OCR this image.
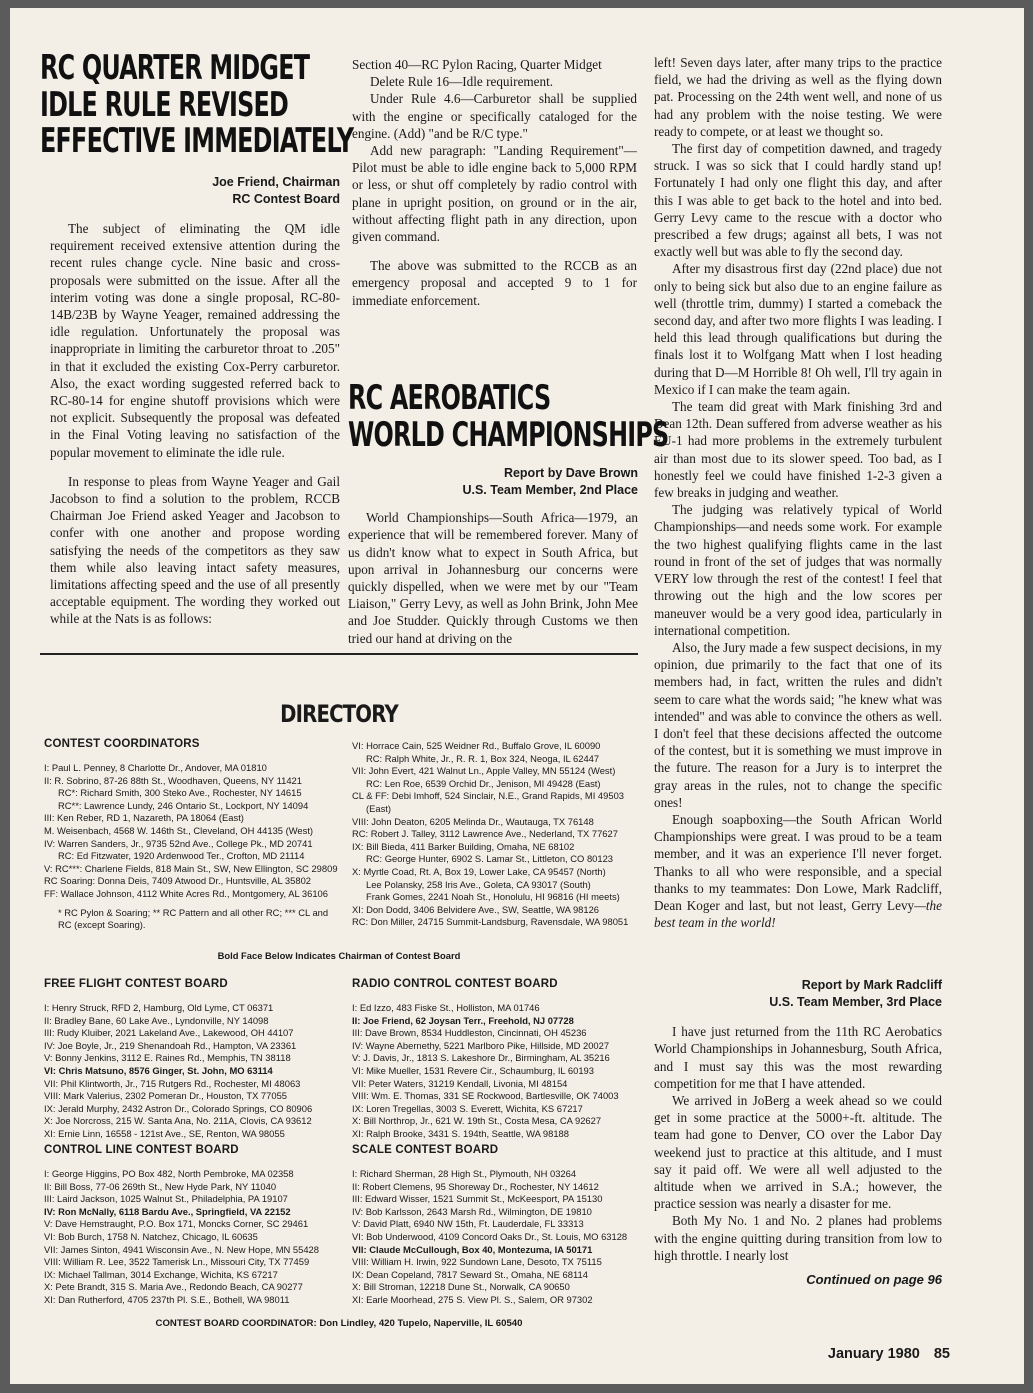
RC QUARTER MIDGET
IDLE RULE REVISED
EFFECTIVE IMMEDIATELY
Joe Friend, Chairman
RC Contest Board

The subject of eliminating the QM idle requirement received extensive attention during the recent rules change cycle. Nine basic and cross-proposals were submitted on the issue. After all the interim voting was done a single proposal, RC-80-14B/23B by Wayne Yeager, remained addressing the idle regulation. Unfortunately the proposal was inappropriate in limiting the carburetor throat to .205" in that it excluded the existing Cox-Perry carburetor. Also, the exact wording suggested referred back to RC-80-14 for engine shutoff provisions which were not explicit. Subsequently the proposal was defeated in the Final Voting leaving no satisfaction of the popular movement to eliminate the idle rule.

In response to pleas from Wayne Yeager and Gail Jacobson to find a solution to the problem, RCCB Chairman Joe Friend asked Yeager and Jacobson to confer with one another and propose wording satisfying the needs of the competitors as they saw them while also leaving intact safety measures, limitations affecting speed and the use of all presently acceptable equipment. The wording they worked out while at the Nats is as follows:

Section 40—RC Pylon Racing, Quarter Midget

Delete Rule 16—Idle requirement.

Under Rule 4.6—Carburetor shall be supplied with the engine or specifically cataloged for the engine. (Add) "and be R/C type."

Add new paragraph: "Landing Requirement"—Pilot must be able to idle engine back to 5,000 RPM or less, or shut off completely by radio control with plane in upright position, on ground or in the air, without affecting flight path in any direction, upon given command.

The above was submitted to the RCCB as an emergency proposal and accepted 9 to 1 for immediate enforcement.

RC AEROBATICS
WORLD CHAMPIONSHIPS
Report by Dave Brown
U.S. Team Member, 2nd Place

World Championships—South Africa—1979, an experience that will be remembered forever. Many of us didn't know what to expect in South Africa, but upon arrival in Johannesburg our concerns were quickly dispelled, when we were met by our "Team Liaison," Gerry Levy, as well as John Brink, John Mee and Joe Studder. Quickly through Customs we then tried our hand at driving on the

left! Seven days later, after many trips to the practice field, we had the driving as well as the flying down pat. Processing on the 24th went well, and none of us had any problem with the noise testing. We were ready to compete, or at least we thought so.

The first day of competition dawned, and tragedy struck. I was so sick that I could hardly stand up! Fortunately I had only one flight this day, and after this I was able to get back to the hotel and into bed. Gerry Levy came to the rescue with a doctor who prescribed a few drugs; against all bets, I was not exactly well but was able to fly the second day.

After my disastrous first day (22nd place) due not only to being sick but also due to an engine failure as well (throttle trim, dummy) I started a comeback the second day, and after two more flights I was leading. I held this lead through qualifications but during the finals lost it to Wolfgang Matt when I lost heading during that D—M Horrible 8! Oh well, I'll try again in Mexico if I can make the team again.

The team did great with Mark finishing 3rd and Dean 12th. Dean suffered from adverse weather as his EU-1 had more problems in the extremely turbulent air than most due to its slower speed. Too bad, as I honestly feel we could have finished 1-2-3 given a few breaks in judging and weather.

The judging was relatively typical of World Championships—and needs some work. For example the two highest qualifying flights came in the last round in front of the set of judges that was normally VERY low through the rest of the contest! I feel that throwing out the high and the low scores per maneuver would be a very good idea, particularly in international competition.

Also, the Jury made a few suspect decisions, in my opinion, due primarily to the fact that one of its members had, in fact, written the rules and didn't seem to care what the words said; "he knew what was intended" and was able to convince the others as well. I don't feel that these decisions affected the outcome of the contest, but it is something we must improve in the future. The reason for a Jury is to interpret the gray areas in the rules, not to change the specific ones!

Enough soapboxing—the South African World Championships were great. I was proud to be a team member, and it was an experience I'll never forget. Thanks to all who were responsible, and a special thanks to my teammates: Don Lowe, Mark Radcliff, Dean Koger and last, but not least, Gerry Levy—the best team in the world!

Report by Mark Radcliff
U.S. Team Member, 3rd Place

I have just returned from the 11th RC Aerobatics World Championships in Johannesburg, South Africa, and I must say this was the most rewarding competition for me that I have attended.

We arrived in JoBerg a week ahead so we could get in some practice at the 5000+-ft. altitude. The team had gone to Denver, CO over the Labor Day weekend just to practice at this altitude, and I must say it paid off. We were all well adjusted to the altitude when we arrived in S.A.; however, the practice session was nearly a disaster for me.

Both My No. 1 and No. 2 planes had problems with the engine quitting during transition from low to high throttle. I nearly lost

Continued on page 96
DIRECTORY
CONTEST COORDINATORS
I: Paul L. Penney, 8 Charlotte Dr., Andover, MA 01810
II: R. Sobrino, 87-26 88th St., Woodhaven, Queens, NY 11421
RC*: Richard Smith, 300 Steko Ave., Rochester, NY 14615
RC**: Lawrence Lundy, 246 Ontario St., Lockport, NY 14094
III: Ken Reber, RD 1, Nazareth, PA 18064 (East)
M. Weisenbach, 4568 W. 146th St., Cleveland, OH 44135 (West)
IV: Warren Sanders, Jr., 9735 52nd Ave., College Pk., MD 20741
RC: Ed Fitzwater, 1920 Ardenwood Ter., Crofton, MD 21114
V: RC***: Charlene Fields, 818 Main St., SW, New Ellington, SC 29809
RC Soaring: Donna Deis, 7409 Atwood Dr., Huntsville, AL 35802
FF: Wallace Johnson, 4112 White Acres Rd., Montgomery, AL 36106
* RC Pylon & Soaring; ** RC Pattern and all other RC; *** CL and RC (except Soaring).
VI: Horrace Cain, 525 Weidner Rd., Buffalo Grove, IL 60090
RC: Ralph White, Jr., R. R. 1, Box 324, Neoga, IL 62447
VII: John Evert, 421 Walnut Ln., Apple Valley, MN 55124 (West)
RC: Len Roe, 6539 Orchid Dr., Jenison, MI 49428 (East)
CL & FF: Debi Imhoff, 524 Sinclair, N.E., Grand Rapids, MI 49503 (East)
VIII: John Deaton, 6205 Melinda Dr., Wautauga, TX 76148
RC: Robert J. Talley, 3112 Lawrence Ave., Nederland, TX 77627
IX: Bill Bieda, 411 Barker Building, Omaha, NE 68102
RC: George Hunter, 6902 S. Lamar St., Littleton, CO 80123
X: Myrtle Coad, Rt. A, Box 19, Lower Lake, CA 95457 (North)
Lee Polansky, 258 Iris Ave., Goleta, CA 93017 (South)
Frank Gomes, 2241 Noah St., Honolulu, HI 96816 (HI meets)
XI: Don Dodd, 3406 Belvidere Ave., SW, Seattle, WA 98126
RC: Don Miller, 24715 Summit-Landsburg, Ravensdale, WA 98051
Bold Face Below Indicates Chairman of Contest Board
FREE FLIGHT CONTEST BOARD
I: Henry Struck, RFD 2, Hamburg, Old Lyme, CT 06371
II: Bradley Bane, 60 Lake Ave., Lyndonville, NY 14098
III: Rudy Kluiber, 2021 Lakeland Ave., Lakewood, OH 44107
IV: Joe Boyle, Jr., 219 Shenandoah Rd., Hampton, VA 23361
V: Bonny Jenkins, 3112 E. Raines Rd., Memphis, TN 38118
VI: Chris Matsuno, 8576 Ginger, St. John, MO 63114
VII: Phil Klintworth, Jr., 715 Rutgers Rd., Rochester, MI 48063
VIII: Mark Valerius, 2302 Pomeran Dr., Houston, TX 77055
IX: Jerald Murphy, 2432 Astron Dr., Colorado Springs, CO 80906
X: Joe Norcross, 215 W. Santa Ana, No. 211A, Clovis, CA 93612
XI: Ernie Linn, 16558 - 121st Ave., SE, Renton, WA 98055
RADIO CONTROL CONTEST BOARD
I: Ed Izzo, 483 Fiske St., Holliston, MA 01746
II: Joe Friend, 62 Joysan Terr., Freehold, NJ 07728
III: Dave Brown, 8534 Huddleston, Cincinnati, OH 45236
IV: Wayne Abernethy, 5221 Marlboro Pike, Hillside, MD 20027
V: J. Davis, Jr., 1813 S. Lakeshore Dr., Birmingham, AL 35216
VI: Mike Mueller, 1531 Revere Cir., Schaumburg, IL 60193
VII: Peter Waters, 31219 Kendall, Livonia, MI 48154
VIII: Wm. E. Thomas, 331 SE Rockwood, Bartlesville, OK 74003
IX: Loren Tregellas, 3003 S. Everett, Wichita, KS 67217
X: Bill Northrop, Jr., 621 W. 19th St., Costa Mesa, CA 92627
XI: Ralph Brooke, 3431 S. 194th, Seattle, WA 98188
CONTROL LINE CONTEST BOARD
I: George Higgins, PO Box 482, North Pembroke, MA 02358
II: Bill Boss, 77-06 269th St., New Hyde Park, NY 11040
III: Laird Jackson, 1025 Walnut St., Philadelphia, PA 19107
IV: Ron McNally, 6118 Bardu Ave., Springfield, VA 22152
V: Dave Hemstraught, P.O. Box 171, Moncks Corner, SC 29461
VI: Bob Burch, 1758 N. Natchez, Chicago, IL 60635
VII: James Sinton, 4941 Wisconsin Ave., N. New Hope, MN 55428
VIII: William R. Lee, 3522 Tamerisk Ln., Missouri City, TX 77459
IX: Michael Tallman, 3014 Exchange, Wichita, KS 67217
X: Pete Brandt, 315 S. Maria Ave., Redondo Beach, CA 90277
XI: Dan Rutherford, 4705 237th Pl. S.E., Bothell, WA 98011
SCALE CONTEST BOARD
I: Richard Sherman, 28 High St., Plymouth, NH 03264
II: Robert Clemens, 95 Shoreway Dr., Rochester, NY 14612
III: Edward Wisser, 1521 Summit St., McKeesport, PA 15130
IV: Bob Karlsson, 2643 Marsh Rd., Wilmington, DE 19810
V: David Platt, 6940 NW 15th, Ft. Lauderdale, FL 33313
VI: Bob Underwood, 4109 Concord Oaks Dr., St. Louis, MO 63128
VII: Claude McCullough, Box 40, Montezuma, IA 50171
VIII: William H. Irwin, 922 Sundown Lane, Desoto, TX 75115
IX: Dean Copeland, 7817 Seward St., Omaha, NE 68114
X: Bill Stroman, 12218 Dune St., Norwalk, CA 90650
XI: Earle Moorhead, 275 S. View Pl. S., Salem, OR 97302
CONTEST BOARD COORDINATOR: Don Lindley, 420 Tupelo, Naperville, IL 60540
January 1980 85
